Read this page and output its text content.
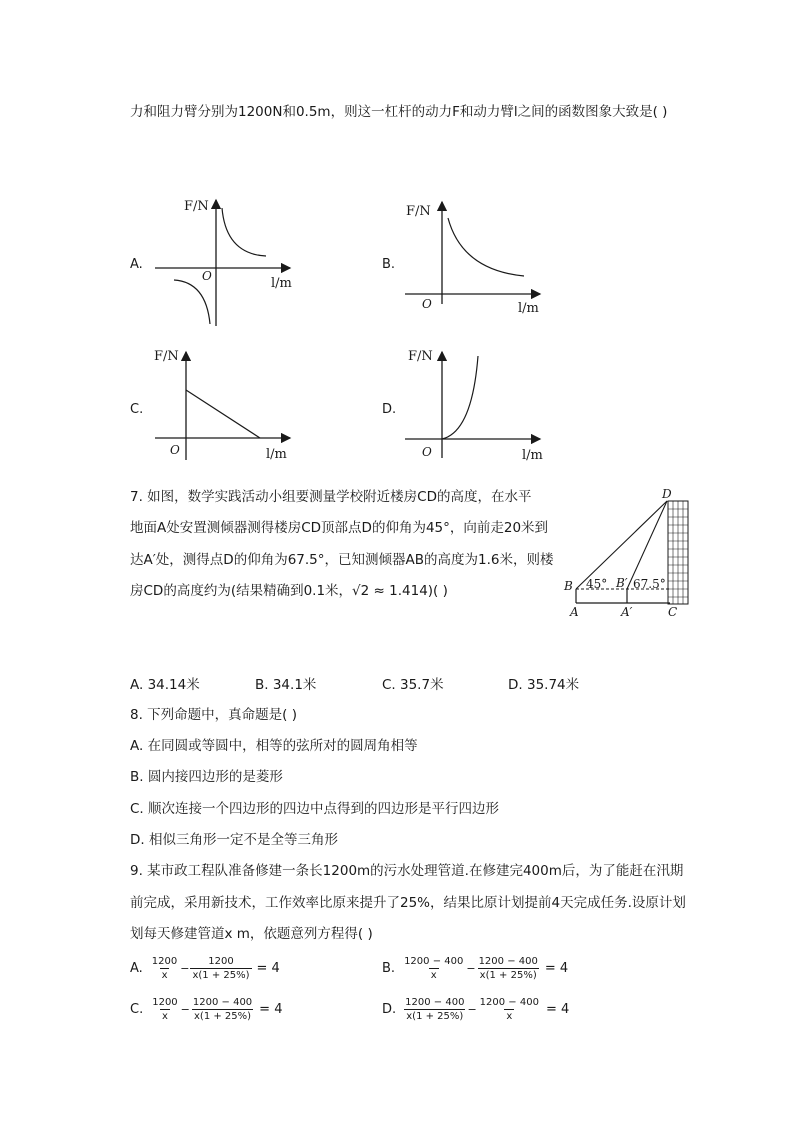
力和阻力臂分别为1200N和0.5m，则这一杠杆的动力F和动力臂l之间的函数图象大致是( )
A.
F/N
O	l/m
B.
F/N
O	l/m
C.
F/N
O	l/m
D.
F/N
O	l/m
7. 如图，数学实践活动小组要测量学校附近楼房CD的高度，在水平
地面A处安置测倾器测得楼房CD顶部点D的仰角为45°，向前走20米到
达A′处，测得点D的仰角为67.5°，已知测倾器AB的高度为1.6米，则楼
房CD的高度约为(结果精确到0.1米，√2 ≈ 1.414)( )
D
B	B′
45° 67.5°
A	A′	C
A. 34.14米	B. 34.1米	C. 35.7米	D. 35.74米
8. 下列命题中，真命题是( )
A. 在同圆或等圆中，相等的弦所对的圆周角相等
B. 圆内接四边形的是菱形
C. 顺次连接一个四边形的四边中点得到的四边形是平行四边形
D. 相似三角形一定不是全等三角形
9. 某市政工程队准备修建一条长1200m的污水处理管道.在修建完400m后，为了能赶在汛期
前完成，采用新技术，工作效率比原来提升了25%，结果比原计划提前4天完成任务.设原计划
划每天修建管道x m，依题意列方程得( )
A. $\frac{1200}{x} - \frac{1200}{x(1 + 25\%)} = 4$	B. $\frac{1200 - 400}{x} - \frac{1200 - 400}{x(1 + 25\%)} = 4$
C. $\frac{1200}{x} - \frac{1200 - 400}{x(1 + 25\%)} = 4$	D. $\frac{1200 - 400}{x(1 + 25\%)} - \frac{1200 - 400}{x} = 4$
